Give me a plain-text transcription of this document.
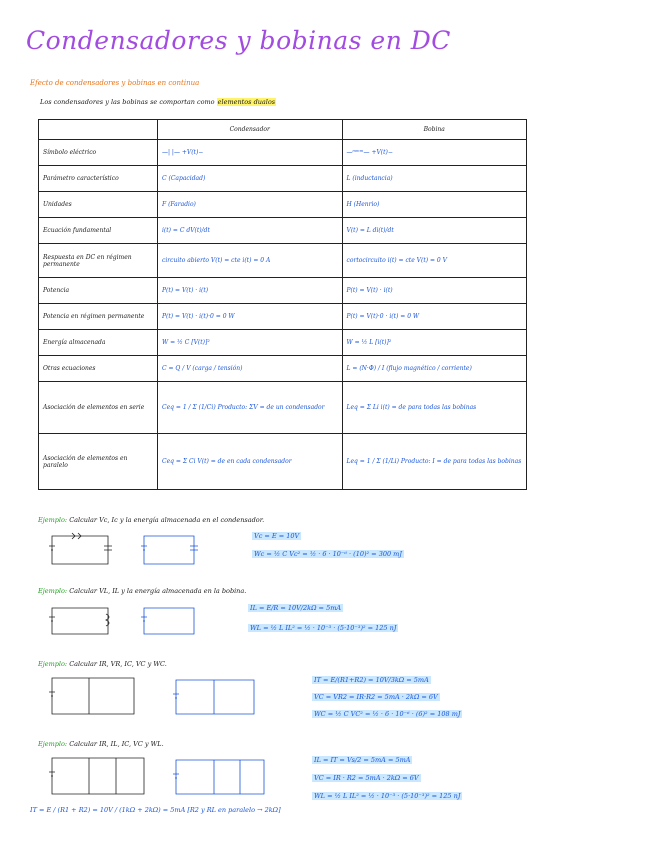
Condensadores y bobinas en DC
Efecto de condensadores y bobinas en continua
Los condensadores y las bobinas se comportan como elementos dualos
	Condensador	Bobina
Símbolo eléctrico	—| |— +V(t)−	—ᵐᵐᵐ— +V(t)−
Parámetro característico	C (Capacidad)	L (inductancia)
Unidades	F (Faradio)	H (Henrio)
Ecuación fundamental	i(t) = C dV(t)/dt	V(t) = L di(t)/dt
Respuesta en DC en régimen permanente	circuito abierto V(t) = cte i(t) = 0 A	cortocircuito i(t) = cte V(t) = 0 V
Potencia	P(t) = V(t) · i(t)	P(t) = V(t) · i(t)
Potencia en régimen permanente	P(t) = V(t) · i(t)·0 = 0 W	P(t) = V(t)·0 · i(t) = 0 W
Energía almacenada	W = ½ C [V(t)]²	W = ½ L [i(t)]²
Otras ecuaciones	C = Q / V (carga / tensión)	L = (N·Φ) / I (flujo magnético / corriente)
Asociación de elementos en serie	Ceq = 1 / Σ (1/Ci) Producto: ΣV = de un condensador	Leq = Σ Li i(t) = de para todas las bobinas
Asociación de elementos en paralelo	Ceq = Σ Ci V(t) = de en cada condensador	Leq = 1 / Σ (1/Li) Producto: I = de para todas las bobinas
Ejemplo: Calcular Vc, Ic y la energía almacenada en el condensador.
Vc = E = 10V
Wc = ½ C Vc² = ½ · 6 · 10⁻⁶ · (10)² = 300 mJ
Ejemplo: Calcular VL, IL y la energía almacenada en la bobina.
IL = E/R = 10V/2kΩ = 5mA
WL = ½ L IL² = ½ · 10⁻³ · (5·10⁻³)² = 125 nJ
Ejemplo: Calcular IR, VR, IC, VC y WC.
IT = E/(R1+R2) = 10V/3kΩ = 5mA
VC = VR2 = IR·R2 = 5mA · 2kΩ = 6V
WC = ½ C VC² = ½ · 6 · 10⁻⁶ · (6)² = 108 mJ
Ejemplo: Calcular IR, IL, IC, VC y WL.
IL = IT = Vs/2 = 5mA = 5mA
VC = IR · R2 = 5mA · 2kΩ = 6V
WL = ½ L IL² = ½ · 10⁻³ · (5·10⁻³)² = 125 nJ
IT = E / (R1 + R2) = 10V / (1kΩ + 2kΩ) = 5mA [R2 y RL en paralelo → 2kΩ]
